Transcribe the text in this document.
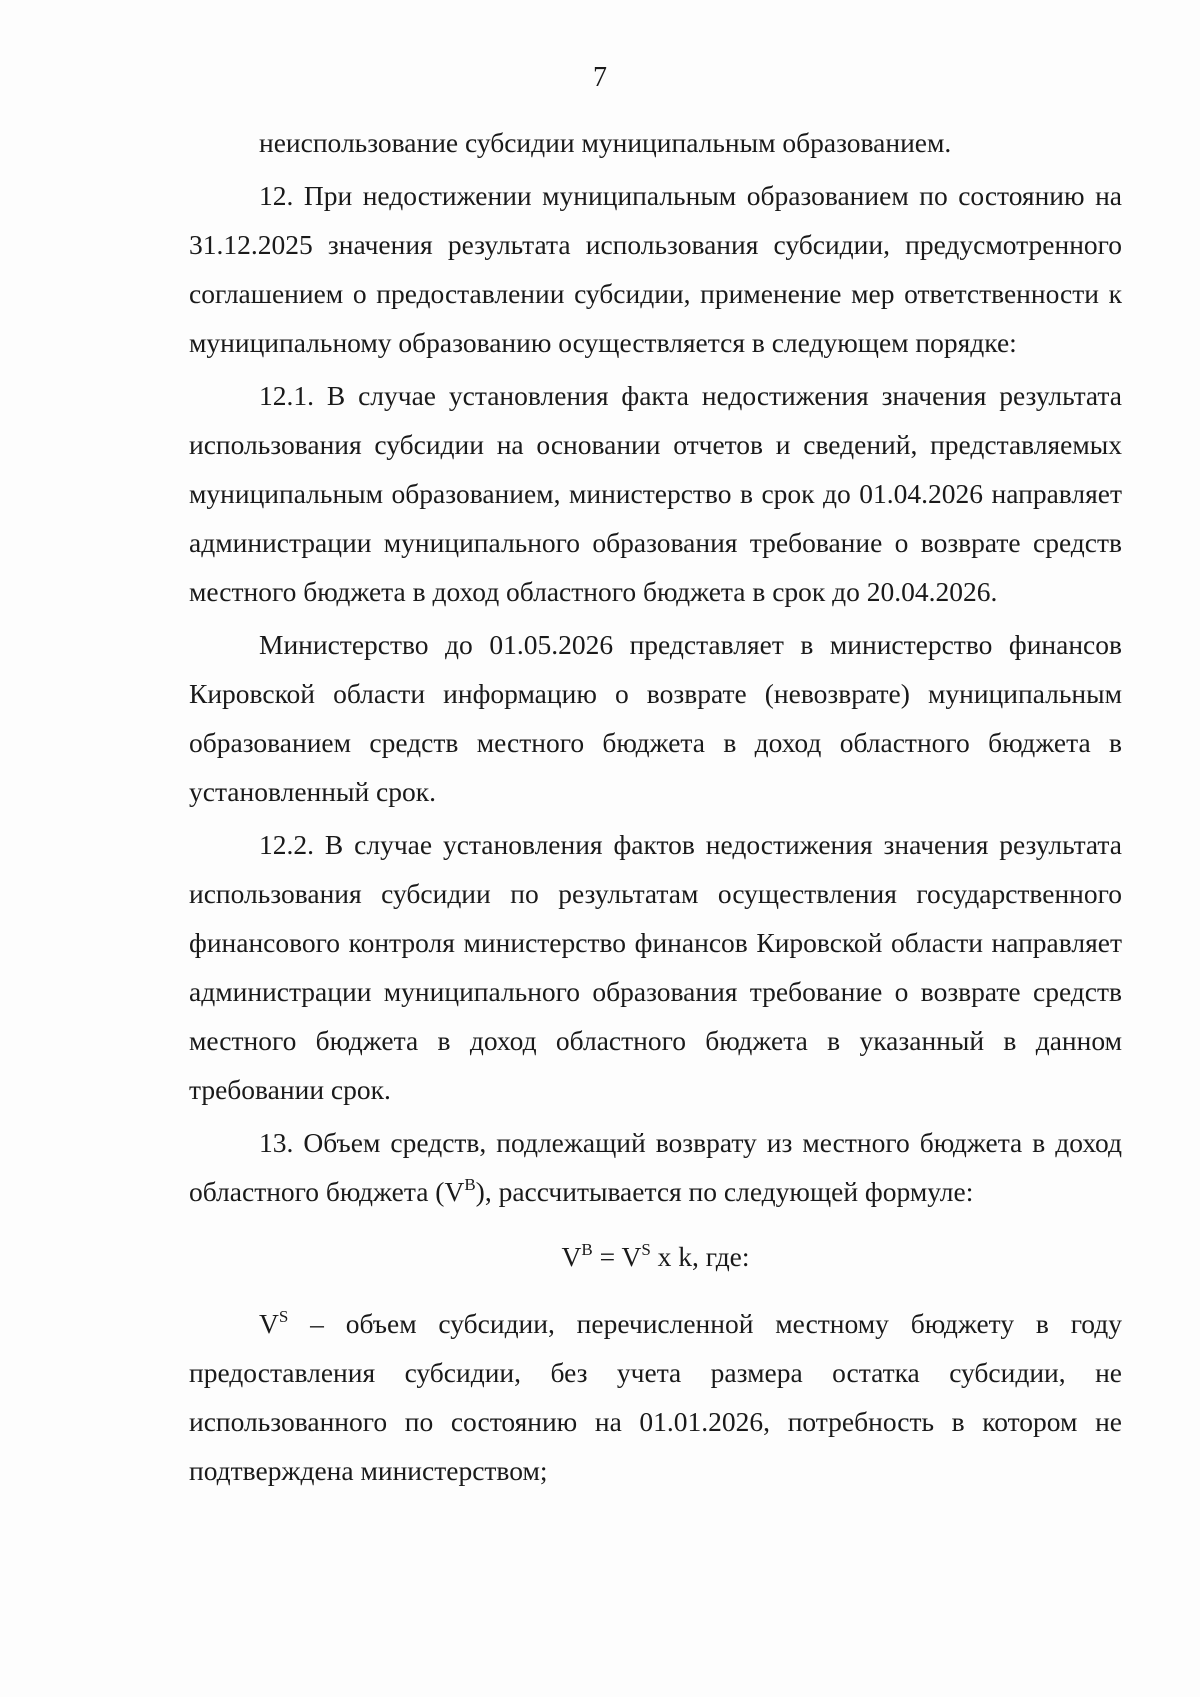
7

неиспользование субсидии муниципальным образованием.

12. При недостижении муниципальным образованием по состоянию на 31.12.2025 значения результата использования субсидии, предусмотренного соглашением о предоставлении субсидии, применение мер ответственности к муниципальному образованию осуществляется в следующем порядке:

12.1. В случае установления факта недостижения значения результата использования субсидии на основании отчетов и сведений, представляемых муниципальным образованием, министерство в срок до 01.04.2026 направляет администрации муниципального образования требование о возврате средств местного бюджета в доход областного бюджета в срок до 20.04.2026.

Министерство до 01.05.2026 представляет в министерство финансов Кировской области информацию о возврате (невозврате) муниципальным образованием средств местного бюджета в доход областного бюджета в установленный срок.

12.2. В случае установления фактов недостижения значения результата использования субсидии по результатам осуществления государственного финансового контроля министерство финансов Кировской области направляет администрации муниципального образования требование о возврате средств местного бюджета в доход областного бюджета в указанный в данном требовании срок.

13. Объем средств, подлежащий возврату из местного бюджета в доход областного бюджета $(V^B)$, рассчитывается по следующей формуле:

$V^B = V^S$ x k, где:

$V^S$ – объем субсидии, перечисленной местному бюджету в году предоставления субсидии, без учета размера остатка субсидии, не использованного по состоянию на 01.01.2026, потребность в котором не подтверждена министерством;
